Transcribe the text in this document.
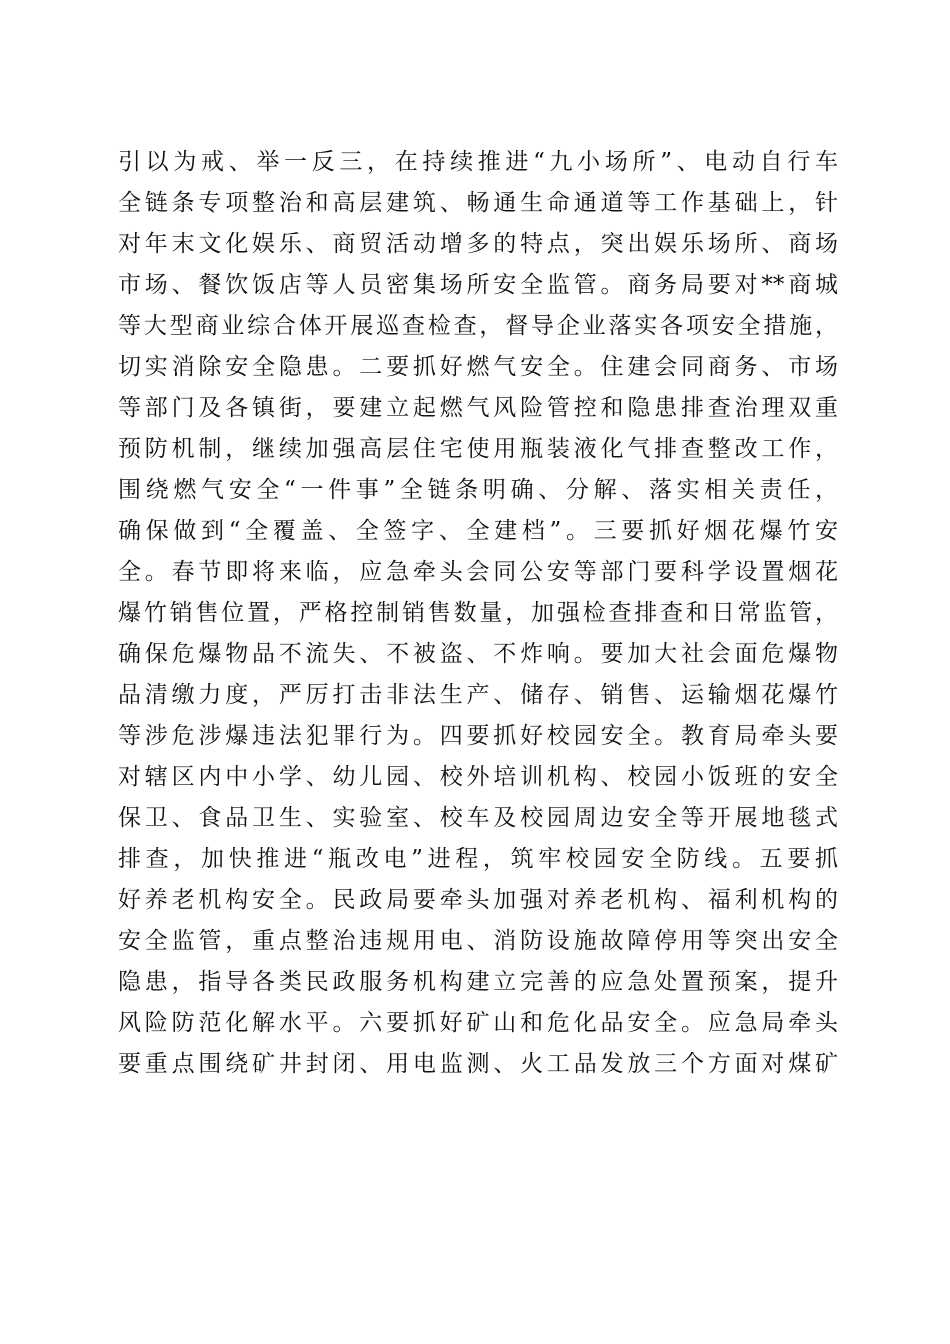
引以为戒、举一反三，在持续推进“九小场所”、电动自行车
全链条专项整治和高层建筑、畅通生命通道等工作基础上，针
对年末文化娱乐、商贸活动增多的特点，突出娱乐场所、商场
市场、餐饮饭店等人员密集场所安全监管。商务局要对**商城
等大型商业综合体开展巡查检查，督导企业落实各项安全措施，
切实消除安全隐患。二要抓好燃气安全。住建会同商务、市场
等部门及各镇街，要建立起燃气风险管控和隐患排查治理双重
预防机制，继续加强高层住宅使用瓶装液化气排查整改工作，
围绕燃气安全“一件事”全链条明确、分解、落实相关责任，
确保做到“全覆盖、全签字、全建档”。三要抓好烟花爆竹安
全。春节即将来临，应急牵头会同公安等部门要科学设置烟花
爆竹销售位置，严格控制销售数量，加强检查排查和日常监管，
确保危爆物品不流失、不被盗、不炸响。要加大社会面危爆物
品清缴力度，严厉打击非法生产、储存、销售、运输烟花爆竹
等涉危涉爆违法犯罪行为。四要抓好校园安全。教育局牵头要
对辖区内中小学、幼儿园、校外培训机构、校园小饭班的安全
保卫、食品卫生、实验室、校车及校园周边安全等开展地毯式
排查，加快推进“瓶改电”进程，筑牢校园安全防线。五要抓
好养老机构安全。民政局要牵头加强对养老机构、福利机构的
安全监管，重点整治违规用电、消防设施故障停用等突出安全
隐患，指导各类民政服务机构建立完善的应急处置预案，提升
风险防范化解水平。六要抓好矿山和危化品安全。应急局牵头
要重点围绕矿井封闭、用电监测、火工品发放三个方面对煤矿
